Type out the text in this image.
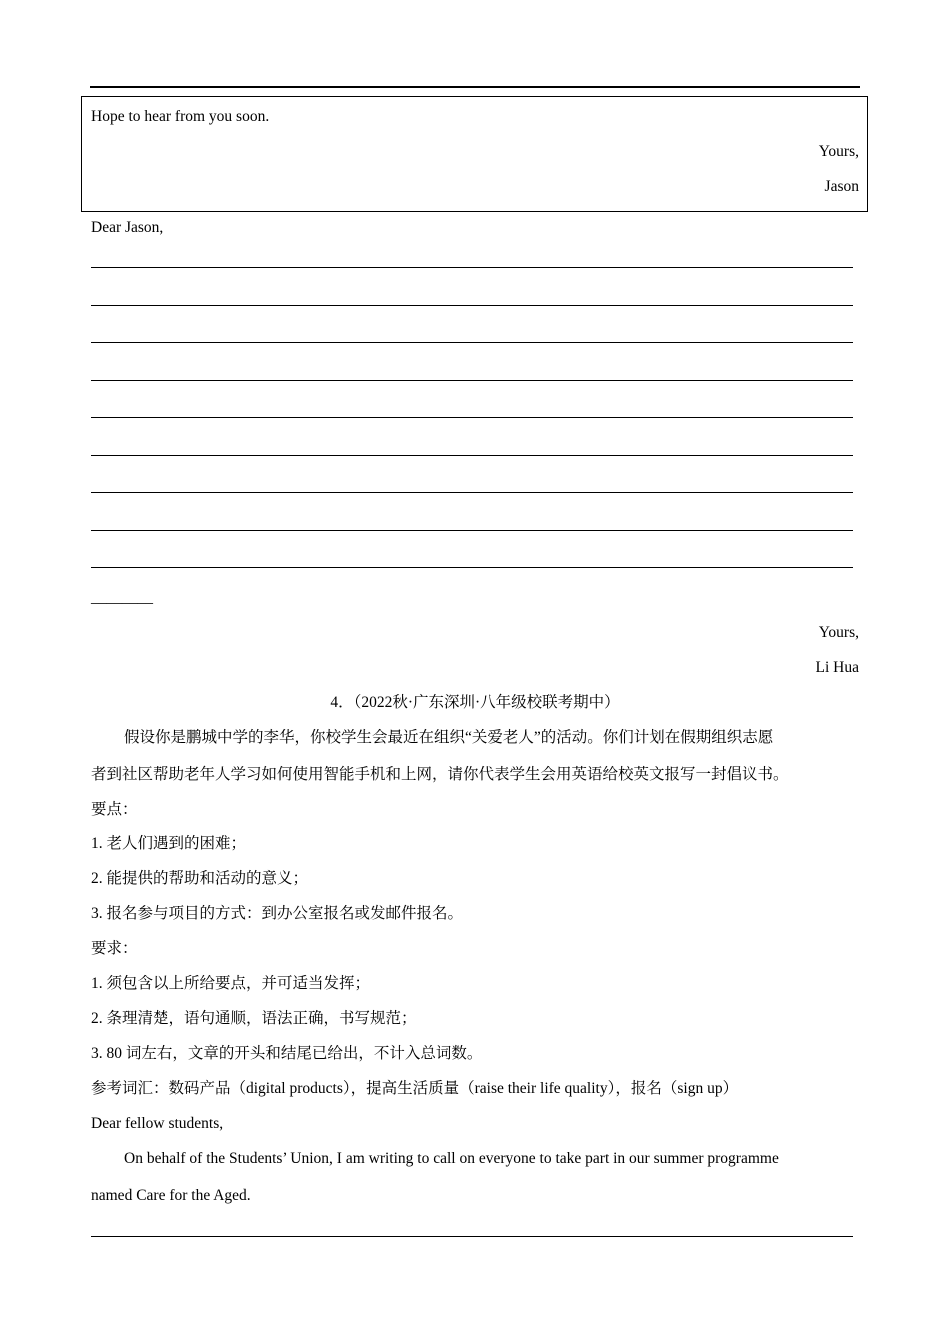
Hope to hear from you soon.
Yours,
Jason
Dear Jason,
________
Yours,
Li Hua
4．（2022秋·广东深圳·八年级校联考期中）
假设你是鹏城中学的李华，你校学生会最近在组织“关爱老人”的活动。你们计划在假期组织志愿
者到社区帮助老年人学习如何使用智能手机和上网，请你代表学生会用英语给校英文报写一封倡议书。
要点：
1. 老人们遇到的困难；
2. 能提供的帮助和活动的意义；
3. 报名参与项目的方式：到办公室报名或发邮件报名。
要求：
1. 须包含以上所给要点，并可适当发挥；
2. 条理清楚，语句通顺，语法正确，书写规范；
3. 80 词左右，文章的开头和结尾已给出，不计入总词数。
参考词汇：数码产品（digital products），提高生活质量（raise their life quality），报名（sign up）
Dear fellow students,
On behalf of the Students’ Union, I am writing to call on everyone to take part in our summer programme
named Care for the Aged.
